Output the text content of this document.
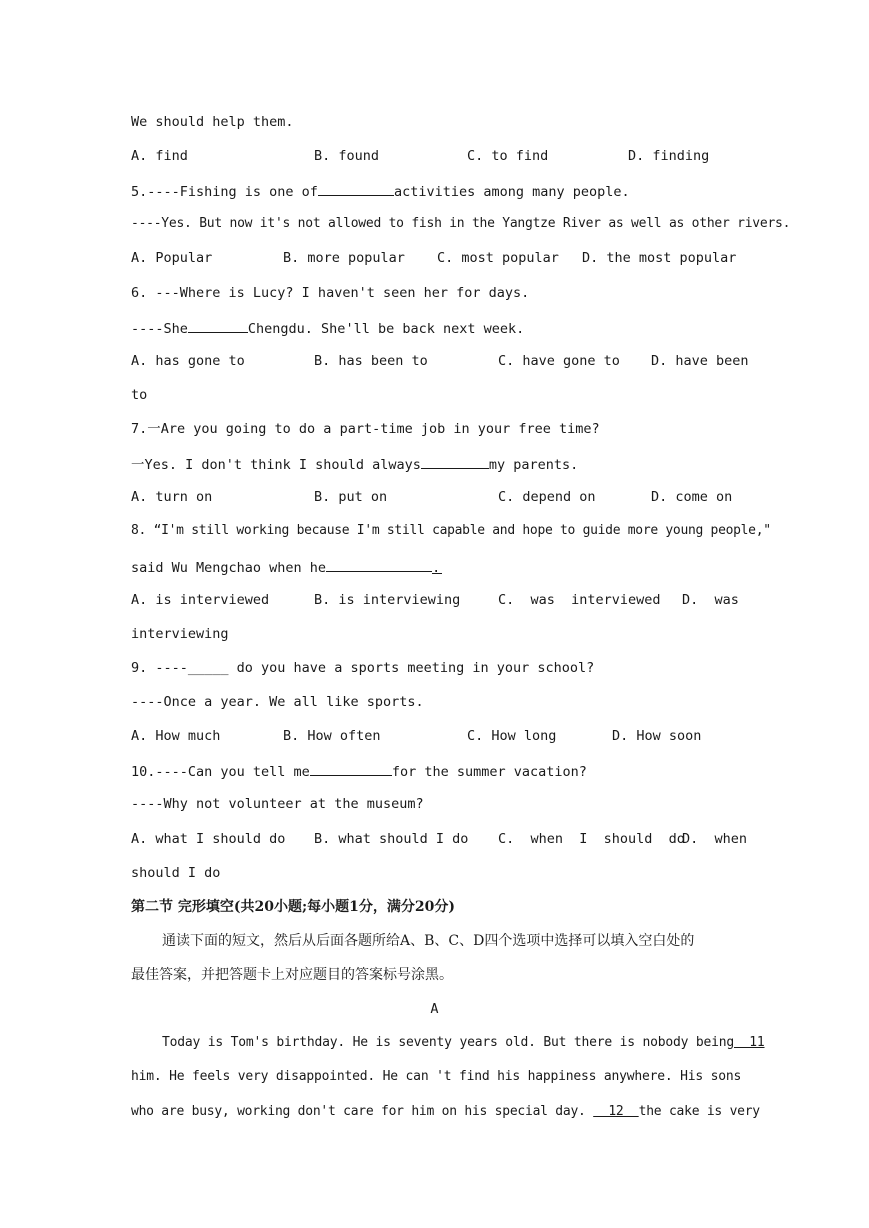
We should help them.
A. find	B. found	C. to find	D. finding
5.----Fishing is one of	activities among many people.
----Yes. But now it's not allowed to fish in the Yangtze River as well as other rivers.
A. Popular	B. more popular C. most popular D. the most popular
6. ---Where is Lucy? I haven't seen her for days.
----She	Chengdu. She'll be back next week.
A. has gone to	B. has been to	C. have gone to D. have been
to
7.一Are you going to do a part-time job in your free time?
一Yes. I don't think I should always	my parents.
A. turn on	B. put on	C. depend on	D. come on
8. “I'm still working because I'm still capable and hope to guide more young people,"
said Wu Mengchao when he	.
A. is interviewed	B. is interviewing	C.  was  interviewed D.  was
interviewing
9. ----_____ do you have a sports meeting in your school?
----Once a year. We all like sports.
A. How much	B. How often	C. How long	D. How soon
10.----Can you tell me	for the summer vacation?
----Why not volunteer at the museum?
A. what I should do B. what should I do C.  when  I  should  do
D.  when
should I do
第二节 完形填空(共20小题;每小题1分，满分20分)
通读下面的短文，然后从后面各题所给A、B、C、D四个选项中选择可以填入空白处的
最佳答案，并把答题卡上对应题目的答案标号涂黑。
A
Today is Tom's birthday. He is seventy years old. But there is nobody being  11
him. He feels very disappointed. He can 't find his happiness anywhere. His sons
who are busy, working don't care for him on his special day.   12  the cake is very
